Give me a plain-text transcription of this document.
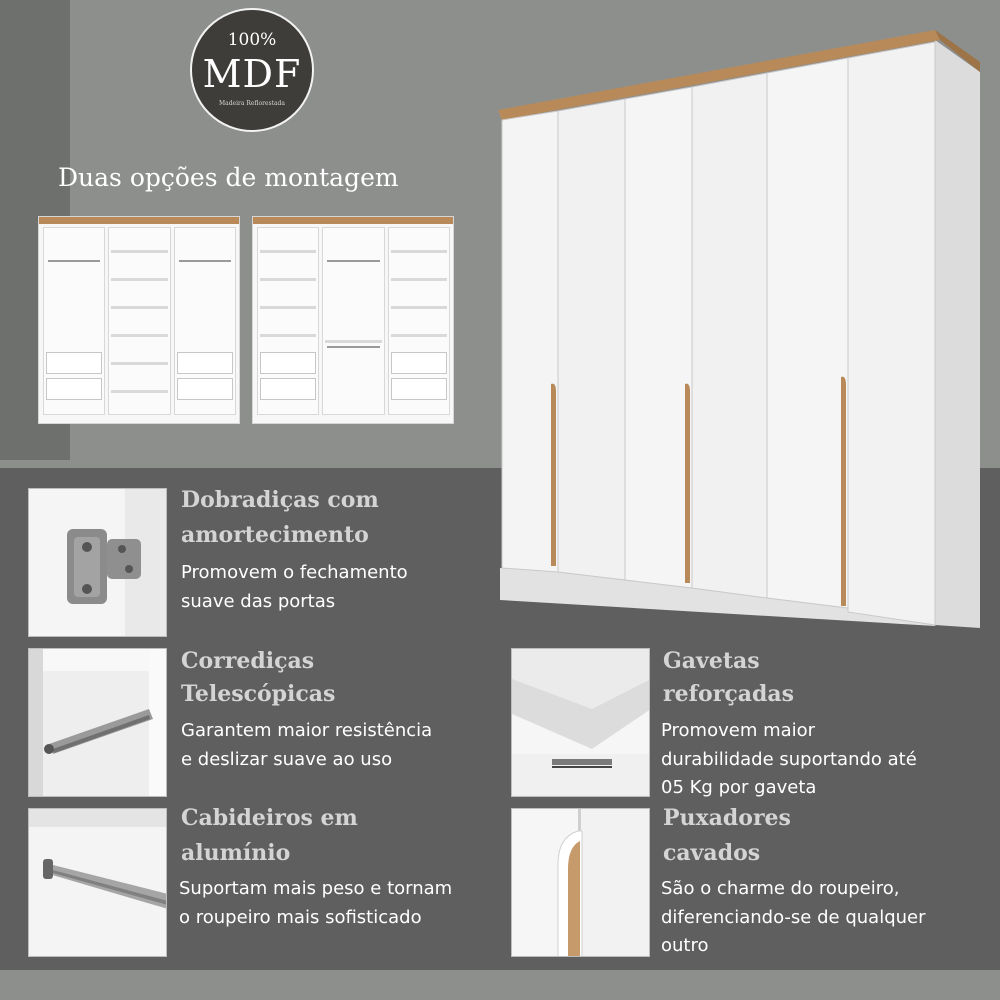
100%
MDF
Madeira Reflorestada
Duas opções de montagem
Dobradiças com
amortecimento
Promovem o fechamento
suave das portas
Corrediças
Telescópicas
Garantem maior resistência
e deslizar suave ao uso
Cabideiros em
alumínio
Suportam mais peso e tornam
o roupeiro mais sofisticado
Gavetas
reforçadas
Promovem maior
durabilidade suportando até
05 Kg por gaveta
Puxadores
cavados
São o charme do roupeiro,
diferenciando-se de qualquer
outro
